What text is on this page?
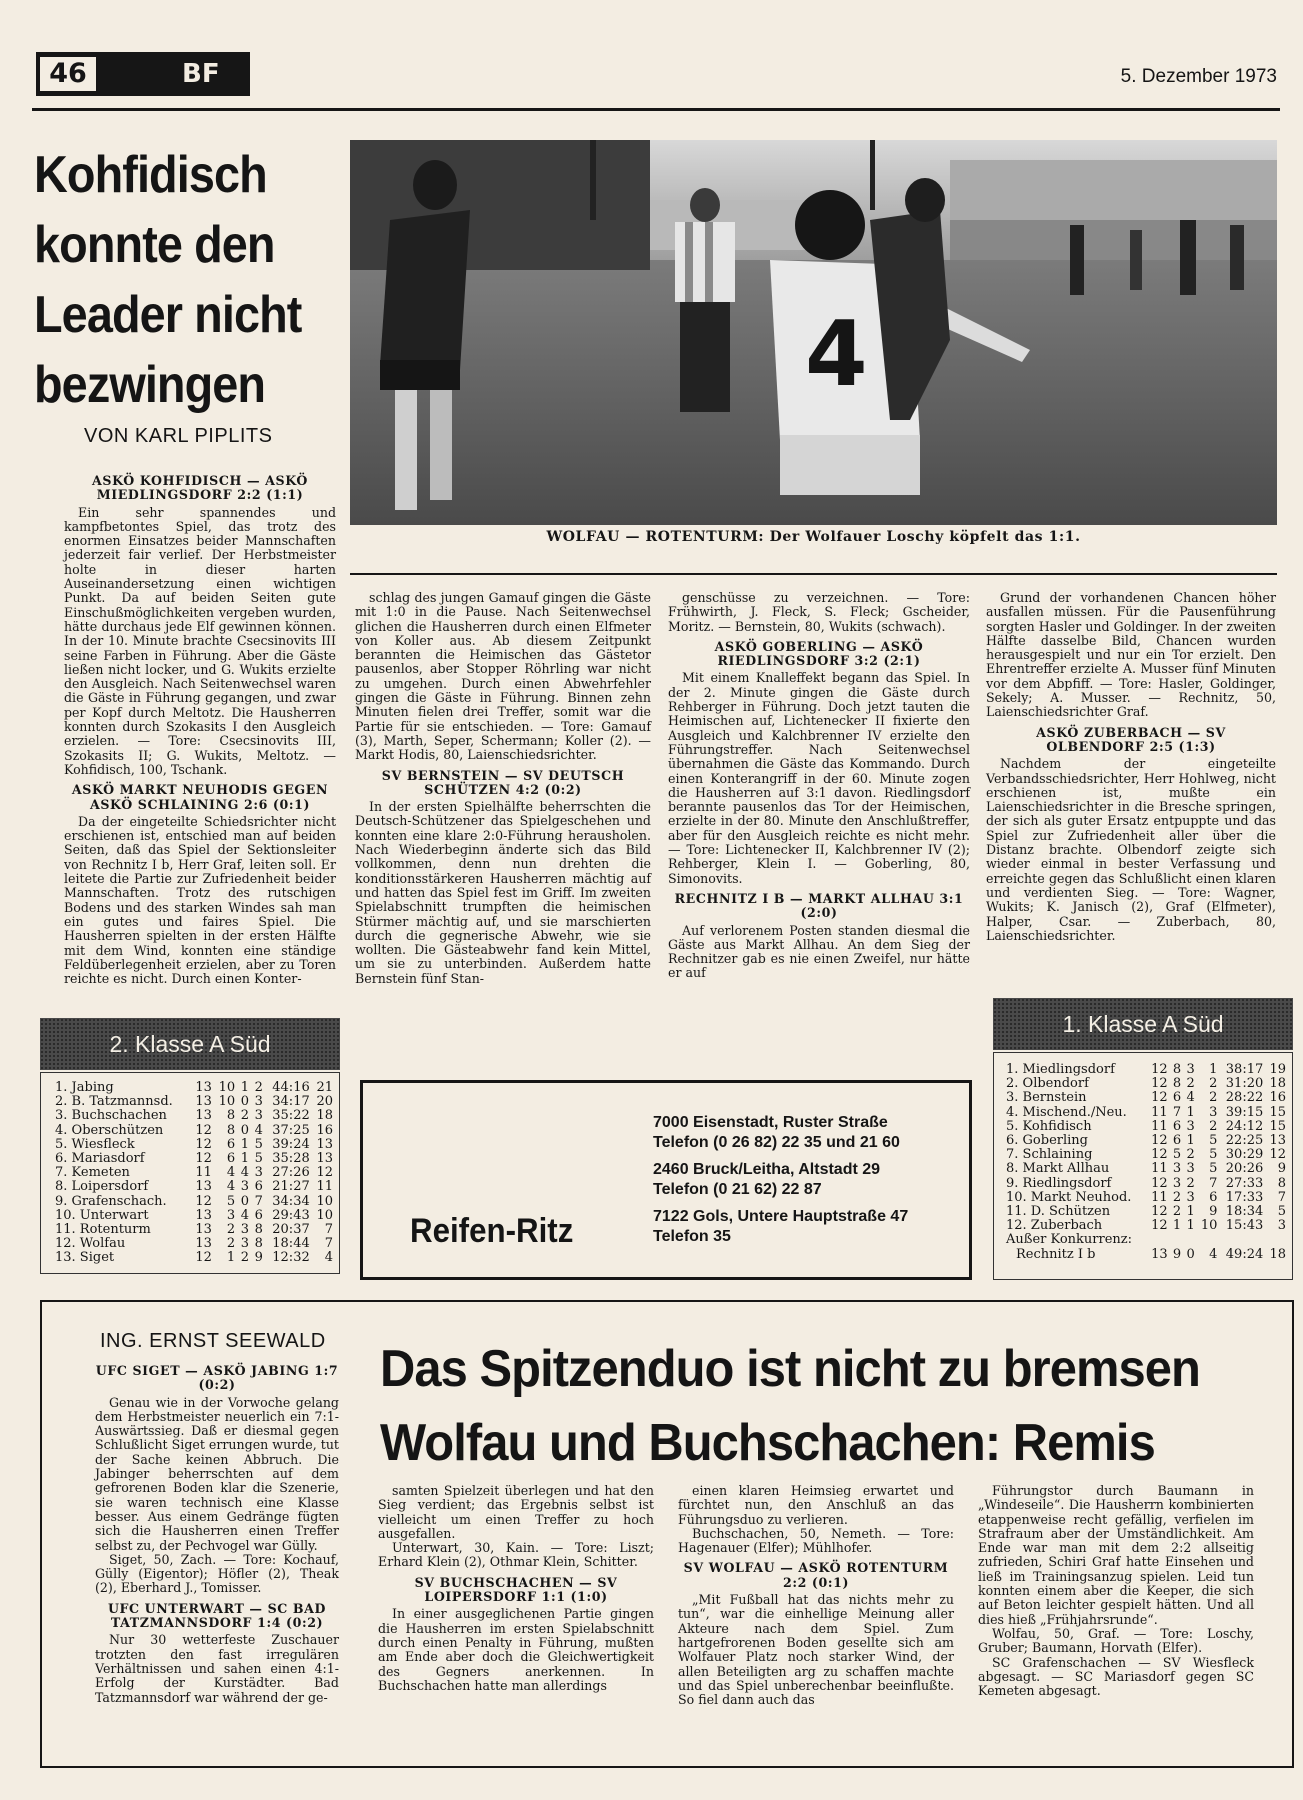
46	BF	5. Dezember 1973
Kohfidisch
konnte den
Leader nicht
bezwingen
VON KARL PIPLITS
4
WOLFAU — ROTENTURM: Der Wolfauer Loschy köpfelt das 1:1.

ASKÖ KOHFIDISCH — ASKÖ MIEDLINGSDORF 2:2 (1:1)

Ein sehr spannendes und kampfbetontes Spiel, das trotz des enormen Einsatzes beider Mannschaften jederzeit fair verlief. Der Herbstmeister holte in dieser harten Auseinandersetzung einen wichtigen Punkt. Da auf beiden Seiten gute Einschußmöglichkeiten vergeben wurden, hätte durchaus jede Elf gewinnen können. In der 10. Minute brachte Csecsinovits III seine Farben in Führung. Aber die Gäste ließen nicht locker, und G. Wukits erzielte den Ausgleich. Nach Seitenwechsel waren die Gäste in Führung gegangen, und zwar per Kopf durch Meltotz. Die Hausherren konnten durch Szokasits I den Ausgleich erzielen. — Tore: Csecsinovits III, Szokasits II; G. Wukits, Meltotz. — Kohfidisch, 100, Tschank.

ASKÖ MARKT NEUHODIS GEGEN ASKÖ SCHLAINING 2:6 (0:1)

Da der eingeteilte Schiedsrichter nicht erschienen ist, entschied man auf beiden Seiten, daß das Spiel der Sektionsleiter von Rechnitz I b, Herr Graf, leiten soll. Er leitete die Partie zur Zufriedenheit beider Mannschaften. Trotz des rutschigen Bodens und des starken Windes sah man ein gutes und faires Spiel. Die Hausherren spielten in der ersten Hälfte mit dem Wind, konnten eine ständige Feldüberlegenheit erzielen, aber zu Toren reichte es nicht. Durch einen Konter-

schlag des jungen Gamauf gingen die Gäste mit 1:0 in die Pause. Nach Seitenwechsel glichen die Hausherren durch einen Elfmeter von Koller aus. Ab diesem Zeitpunkt berannten die Heimischen das Gästetor pausenlos, aber Stopper Röhrling war nicht zu umgehen. Durch einen Abwehrfehler gingen die Gäste in Führung. Binnen zehn Minuten fielen drei Treffer, somit war die Partie für sie entschieden. — Tore: Gamauf (3), Marth, Seper, Schermann; Koller (2). — Markt Hodis, 80, Laienschiedsrichter.

SV BERNSTEIN — SV DEUTSCH SCHÜTZEN 4:2 (0:2)

In der ersten Spielhälfte beherrschten die Deutsch-Schützener das Spielgeschehen und konnten eine klare 2:0-Führung herausholen. Nach Wiederbeginn änderte sich das Bild vollkommen, denn nun drehten die konditionsstärkeren Hausherren mächtig auf und hatten das Spiel fest im Griff. Im zweiten Spielabschnitt trumpften die heimischen Stürmer mächtig auf, und sie marschierten durch die gegnerische Abwehr, wie sie wollten. Die Gästeabwehr fand kein Mittel, um sie zu unterbinden. Außerdem hatte Bernstein fünf Stan-

genschüsse zu verzeichnen. — Tore: Frühwirth, J. Fleck, S. Fleck; Gscheider, Moritz. — Bernstein, 80, Wukits (schwach).

ASKÖ GOBERLING — ASKÖ RIEDLINGSDORF 3:2 (2:1)

Mit einem Knalleffekt begann das Spiel. In der 2. Minute gingen die Gäste durch Rehberger in Führung. Doch jetzt tauten die Heimischen auf, Lichtenecker II fixierte den Ausgleich und Kalchbrenner IV erzielte den Führungstreffer. Nach Seitenwechsel übernahmen die Gäste das Kommando. Durch einen Konterangriff in der 60. Minute zogen die Hausherren auf 3:1 davon. Riedlingsdorf berannte pausenlos das Tor der Heimischen, erzielte in der 80. Minute den Anschlußtreffer, aber für den Ausgleich reichte es nicht mehr. — Tore: Lichtenecker II, Kalchbrenner IV (2); Rehberger, Klein I. — Goberling, 80, Simonovits.

RECHNITZ I B — MARKT ALLHAU 3:1 (2:0)

Auf verlorenem Posten standen diesmal die Gäste aus Markt Allhau. An dem Sieg der Rechnitzer gab es nie einen Zweifel, nur hätte er auf

Grund der vorhandenen Chancen höher ausfallen müssen. Für die Pausenführung sorgten Hasler und Goldinger. In der zweiten Hälfte dasselbe Bild, Chancen wurden herausgespielt und nur ein Tor erzielt. Den Ehrentreffer erzielte A. Musser fünf Minuten vor dem Abpfiff. — Tore: Hasler, Goldinger, Sekely; A. Musser. — Rechnitz, 50, Laienschiedsrichter Graf.

ASKÖ ZUBERBACH — SV OLBENDORF 2:5 (1:3)

Nachdem der eingeteilte Verbandsschiedsrichter, Herr Hohlweg, nicht erschienen ist, mußte ein Laienschiedsrichter in die Bresche springen, der sich als guter Ersatz entpuppte und das Spiel zur Zufriedenheit aller über die Distanz brachte. Olbendorf zeigte sich wieder einmal in bester Verfassung und erreichte gegen das Schlußlicht einen klaren und verdienten Sieg. — Tore: Wagner, Wukits; K. Janisch (2), Graf (Elfmeter), Halper, Csar. — Zuberbach, 80, Laienschiedsrichter.

2. Klasse A Süd
1. Jabing	13	10	1	2	44:16	21
2. B. Tatzmannsd.	13	10	0	3	34:17	20
3. Buchschachen	13	8	2	3	35:22	18
4. Oberschützen	12	8	0	4	37:25	16
5. Wiesfleck	12	6	1	5	39:24	13
6. Mariasdorf	12	6	1	5	35:28	13
7. Kemeten	11	4	4	3	27:26	12
8. Loipersdorf	13	4	3	6	21:27	11
9. Grafenschach.	12	5	0	7	34:34	10
10. Unterwart	13	3	4	6	29:43	10
11. Rotenturm	13	2	3	8	20:37	7
12. Wolfau	13	2	3	8	18:44	7
13. Siget	12	1	2	9	12:32	4
1. Klasse A Süd
1. Miedlingsdorf	12	8	3	1	38:17	19
2. Olbendorf	12	8	2	2	31:20	18
3. Bernstein	12	6	4	2	28:22	16
4. Mischend./Neu.	11	7	1	3	39:15	15
5. Kohfidisch	11	6	3	2	24:12	15
6. Goberling	12	6	1	5	22:25	13
7. Schlaining	12	5	2	5	30:29	12
8. Markt Allhau	11	3	3	5	20:26	9
9. Riedlingsdorf	12	3	2	7	27:33	8
10. Markt Neuhod.	11	2	3	6	17:33	7
11. D. Schützen	12	2	1	9	18:34	5
12. Zuberbach	12	1	1	10	15:43	3
Außer Konkurrenz:						
Rechnitz I b	13	9	0	4	49:24	18
Reifen-Ritz
7000 Eisenstadt, Ruster Straße
Telefon (0 26 82) 22 35 und 21 60
2460 Bruck/Leitha, Altstadt 29
Telefon (0 21 62) 22 87
7122 Gols, Untere Hauptstraße 47
Telefon 35
ING. ERNST SEEWALD Das Spitzenduo ist nicht zu bremsen
Wolfau und Buchschachen: Remis

UFC SIGET — ASKÖ JABING 1:7 (0:2)

Genau wie in der Vorwoche gelang dem Herbstmeister neuerlich ein 7:1-Auswärtssieg. Daß er diesmal gegen Schlußlicht Siget errungen wurde, tut der Sache keinen Abbruch. Die Jabinger beherrschten auf dem gefrorenen Boden klar die Szenerie, sie waren technisch eine Klasse besser. Aus einem Gedränge fügten sich die Hausherren einen Treffer selbst zu, der Pechvogel war Gülly.

Siget, 50, Zach. — Tore: Kochauf, Gülly (Eigentor); Höfler (2), Theak (2), Eberhard J., Tomisser.

UFC UNTERWART — SC BAD TATZMANNSDORF 1:4 (0:2)

Nur 30 wetterfeste Zuschauer trotzten den fast irregulären Verhältnissen und sahen einen 4:1-Erfolg der Kurstädter. Bad Tatzmannsdorf war während der ge-

samten Spielzeit überlegen und hat den Sieg verdient; das Ergebnis selbst ist vielleicht um einen Treffer zu hoch ausgefallen.

Unterwart, 30, Kain. — Tore: Liszt; Erhard Klein (2), Othmar Klein, Schitter.

SV BUCHSCHACHEN — SV LOIPERSDORF 1:1 (1:0)

In einer ausgeglichenen Partie gingen die Hausherren im ersten Spielabschnitt durch einen Penalty in Führung, mußten am Ende aber doch die Gleichwertigkeit des Gegners anerkennen. In Buchschachen hatte man allerdings

einen klaren Heimsieg erwartet und fürchtet nun, den Anschluß an das Führungsduo zu verlieren.

Buchschachen, 50, Nemeth. — Tore: Hagenauer (Elfer); Mühlhofer.

SV WOLFAU — ASKÖ ROTENTURM 2:2 (0:1)

„Mit Fußball hat das nichts mehr zu tun“, war die einhellige Meinung aller Akteure nach dem Spiel. Zum hartgefrorenen Boden gesellte sich am Wolfauer Platz noch starker Wind, der allen Beteiligten arg zu schaffen machte und das Spiel unberechenbar beeinflußte. So fiel dann auch das

Führungstor durch Baumann in „Windeseile“. Die Hausherrn kombinierten etappenweise recht gefällig, verfielen im Strafraum aber der Umständlichkeit. Am Ende war man mit dem 2:2 allseitig zufrieden, Schiri Graf hatte Einsehen und ließ im Trainingsanzug spielen. Leid tun konnten einem aber die Keeper, die sich auf Beton leichter gespielt hätten. Und all dies hieß „Frühjahrsrunde“.

Wolfau, 50, Graf. — Tore: Loschy, Gruber; Baumann, Horvath (Elfer).

SC Grafenschachen — SV Wiesfleck abgesagt. — SC Mariasdorf gegen SC Kemeten abgesagt.
